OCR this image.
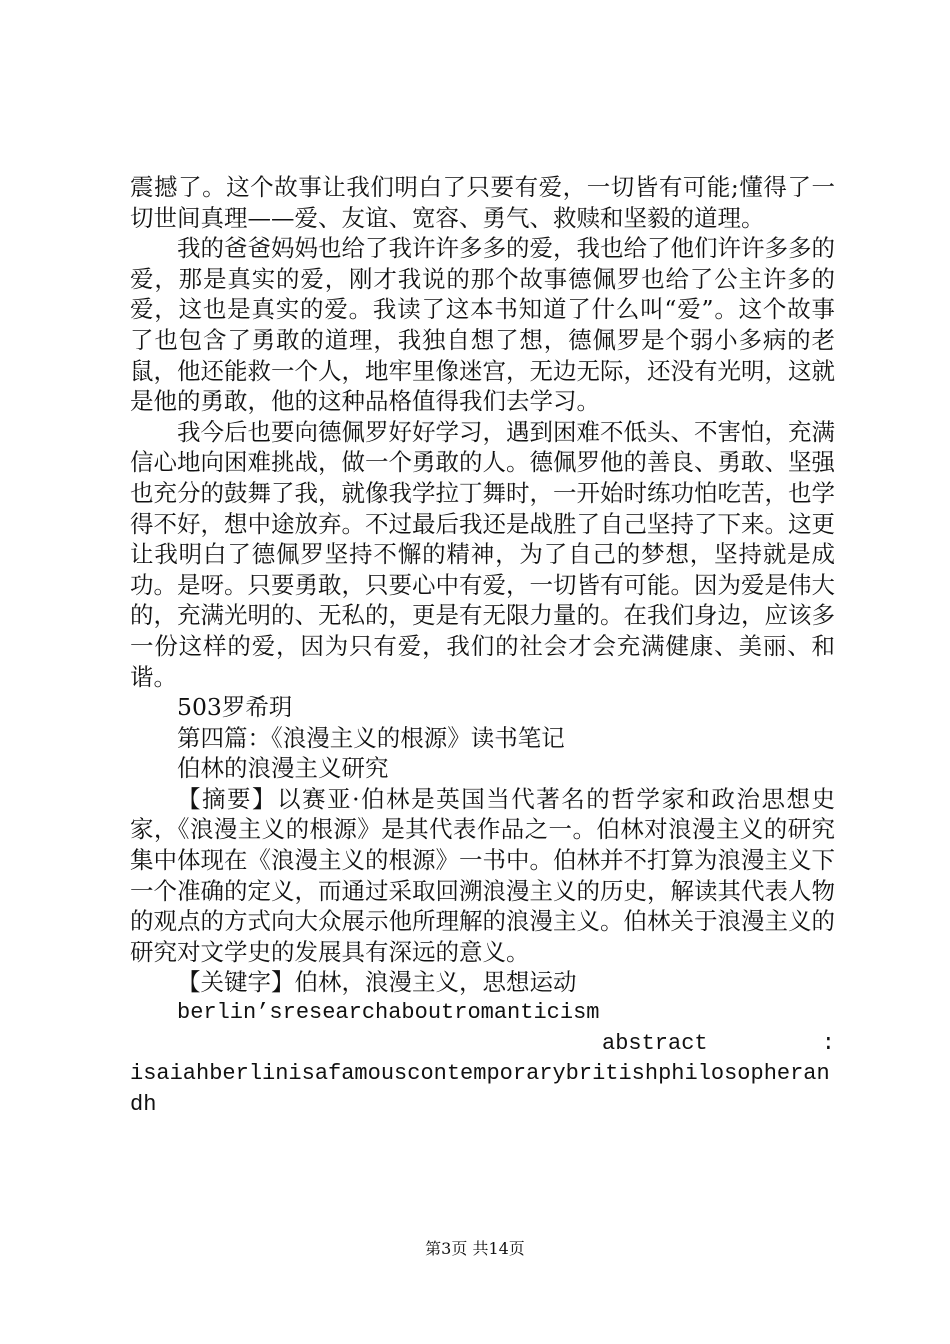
震撼了。这个故事让我们明白了只要有爱，一切皆有可能;懂得了一切世间真理——爱、友谊、宽容、勇气、救赎和坚毅的道理。

我的爸爸妈妈也给了我许许多多的爱，我也给了他们许许多多的爱，那是真实的爱，刚才我说的那个故事德佩罗也给了公主许多的爱，这也是真实的爱。我读了这本书知道了什么叫“爱”。这个故事了也包含了勇敢的道理，我独自想了想，德佩罗是个弱小多病的老鼠，他还能救一个人，地牢里像迷宫，无边无际，还没有光明，这就是他的勇敢，他的这种品格值得我们去学习。

我今后也要向德佩罗好好学习，遇到困难不低头、不害怕，充满信心地向困难挑战，做一个勇敢的人。德佩罗他的善良、勇敢、坚强也充分的鼓舞了我，就像我学拉丁舞时，一开始时练功怕吃苦，也学得不好，想中途放弃。不过最后我还是战胜了自己坚持了下来。这更让我明白了德佩罗坚持不懈的精神，为了自己的梦想，坚持就是成功。是呀。只要勇敢，只要心中有爱，一切皆有可能。因为爱是伟大的，充满光明的、无私的，更是有无限力量的。在我们身边，应该多一份这样的爱，因为只有爱，我们的社会才会充满健康、美丽、和谐。

503罗希玥

第四篇：《浪漫主义的根源》读书笔记

伯林的浪漫主义研究

【摘要】以赛亚·伯林是英国当代著名的哲学家和政治思想史家，《浪漫主义的根源》是其代表作品之一。伯林对浪漫主义的研究集中体现在《浪漫主义的根源》一书中。伯林并不打算为浪漫主义下一个准确的定义，而通过采取回溯浪漫主义的历史，解读其代表人物的观点的方式向大众展示他所理解的浪漫主义。伯林关于浪漫主义的研究对文学史的发展具有深远的意义。

【关键字】伯林，浪漫主义，思想运动

berlin’sresearchaboutromanticism

abstract	:

isaiahberlinisafamouscontemporarybritishphilosopherandh

第3页 共14页
